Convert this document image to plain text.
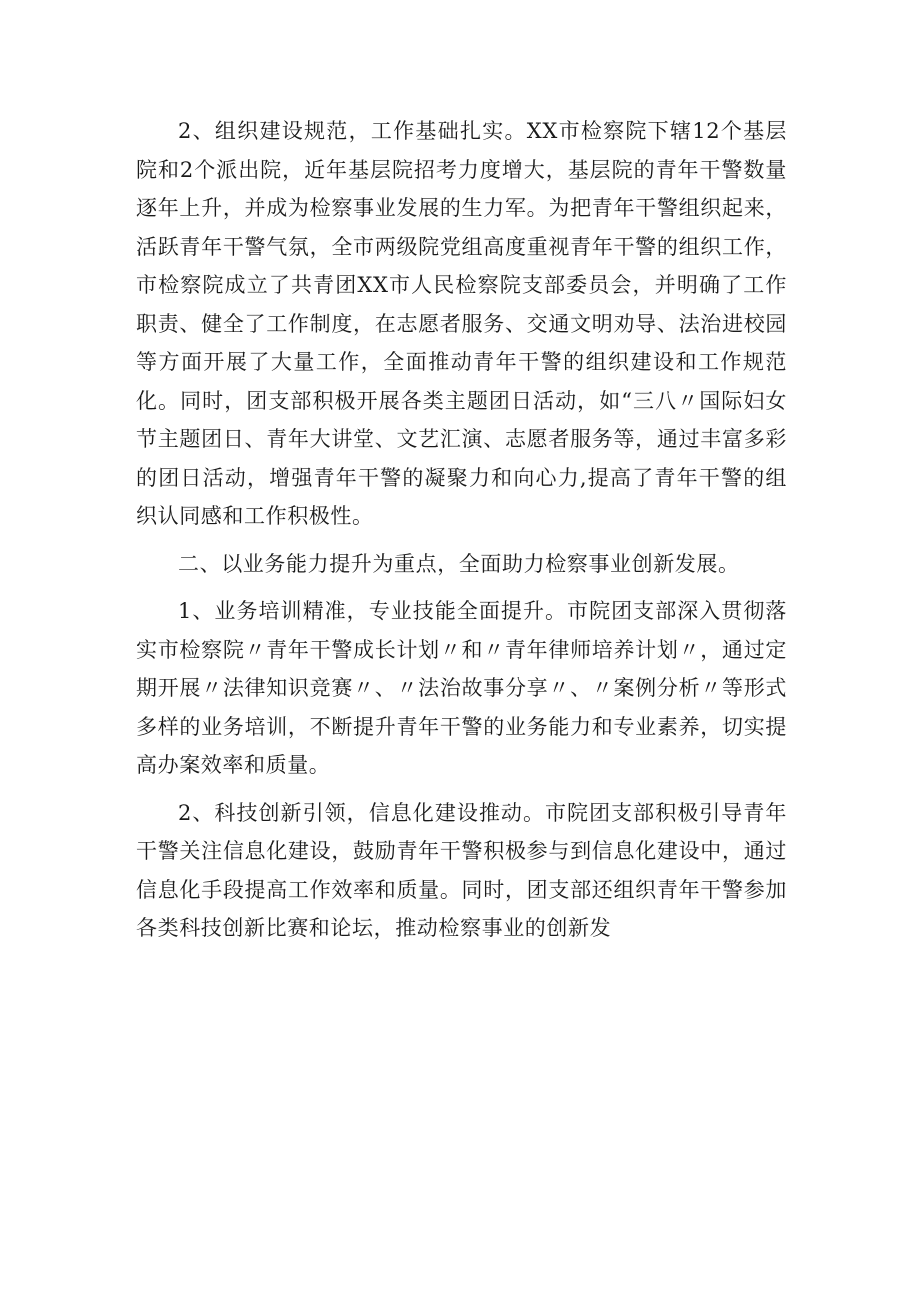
2、组织建设规范，工作基础扎实。XX市检察院下辖12个基层院和2个派出院，近年基层院招考力度增大，基层院的青年干警数量逐年上升，并成为检察事业发展的生力军。为把青年干警组织起来，活跃青年干警气氛，全市两级院党组高度重视青年干警的组织工作，市检察院成立了共青团XX市人民检察院支部委员会，并明确了工作职责、健全了工作制度，在志愿者服务、交通文明劝导、法治进校园等方面开展了大量工作，全面推动青年干警的组织建设和工作规范化。同时，团支部积极开展各类主题团日活动，如“三八〃国际妇女节主题团日、青年大讲堂、文艺汇演、志愿者服务等，通过丰富多彩的团日活动，增强青年干警的凝聚力和向心力,提高了青年干警的组织认同感和工作积极性。

二、以业务能力提升为重点，全面助力检察事业创新发展。

1、业务培训精准，专业技能全面提升。市院团支部深入贯彻落实市检察院〃青年干警成长计划〃和〃青年律师培养计划〃，通过定期开展〃法律知识竞赛〃、〃法治故事分享〃、〃案例分析〃等形式多样的业务培训，不断提升青年干警的业务能力和专业素养，切实提高办案效率和质量。

2、科技创新引领，信息化建设推动。市院团支部积极引导青年干警关注信息化建设，鼓励青年干警积极参与到信息化建设中，通过信息化手段提高工作效率和质量。同时，团支部还组织青年干警参加各类科技创新比赛和论坛，推动检察事业的创新发
